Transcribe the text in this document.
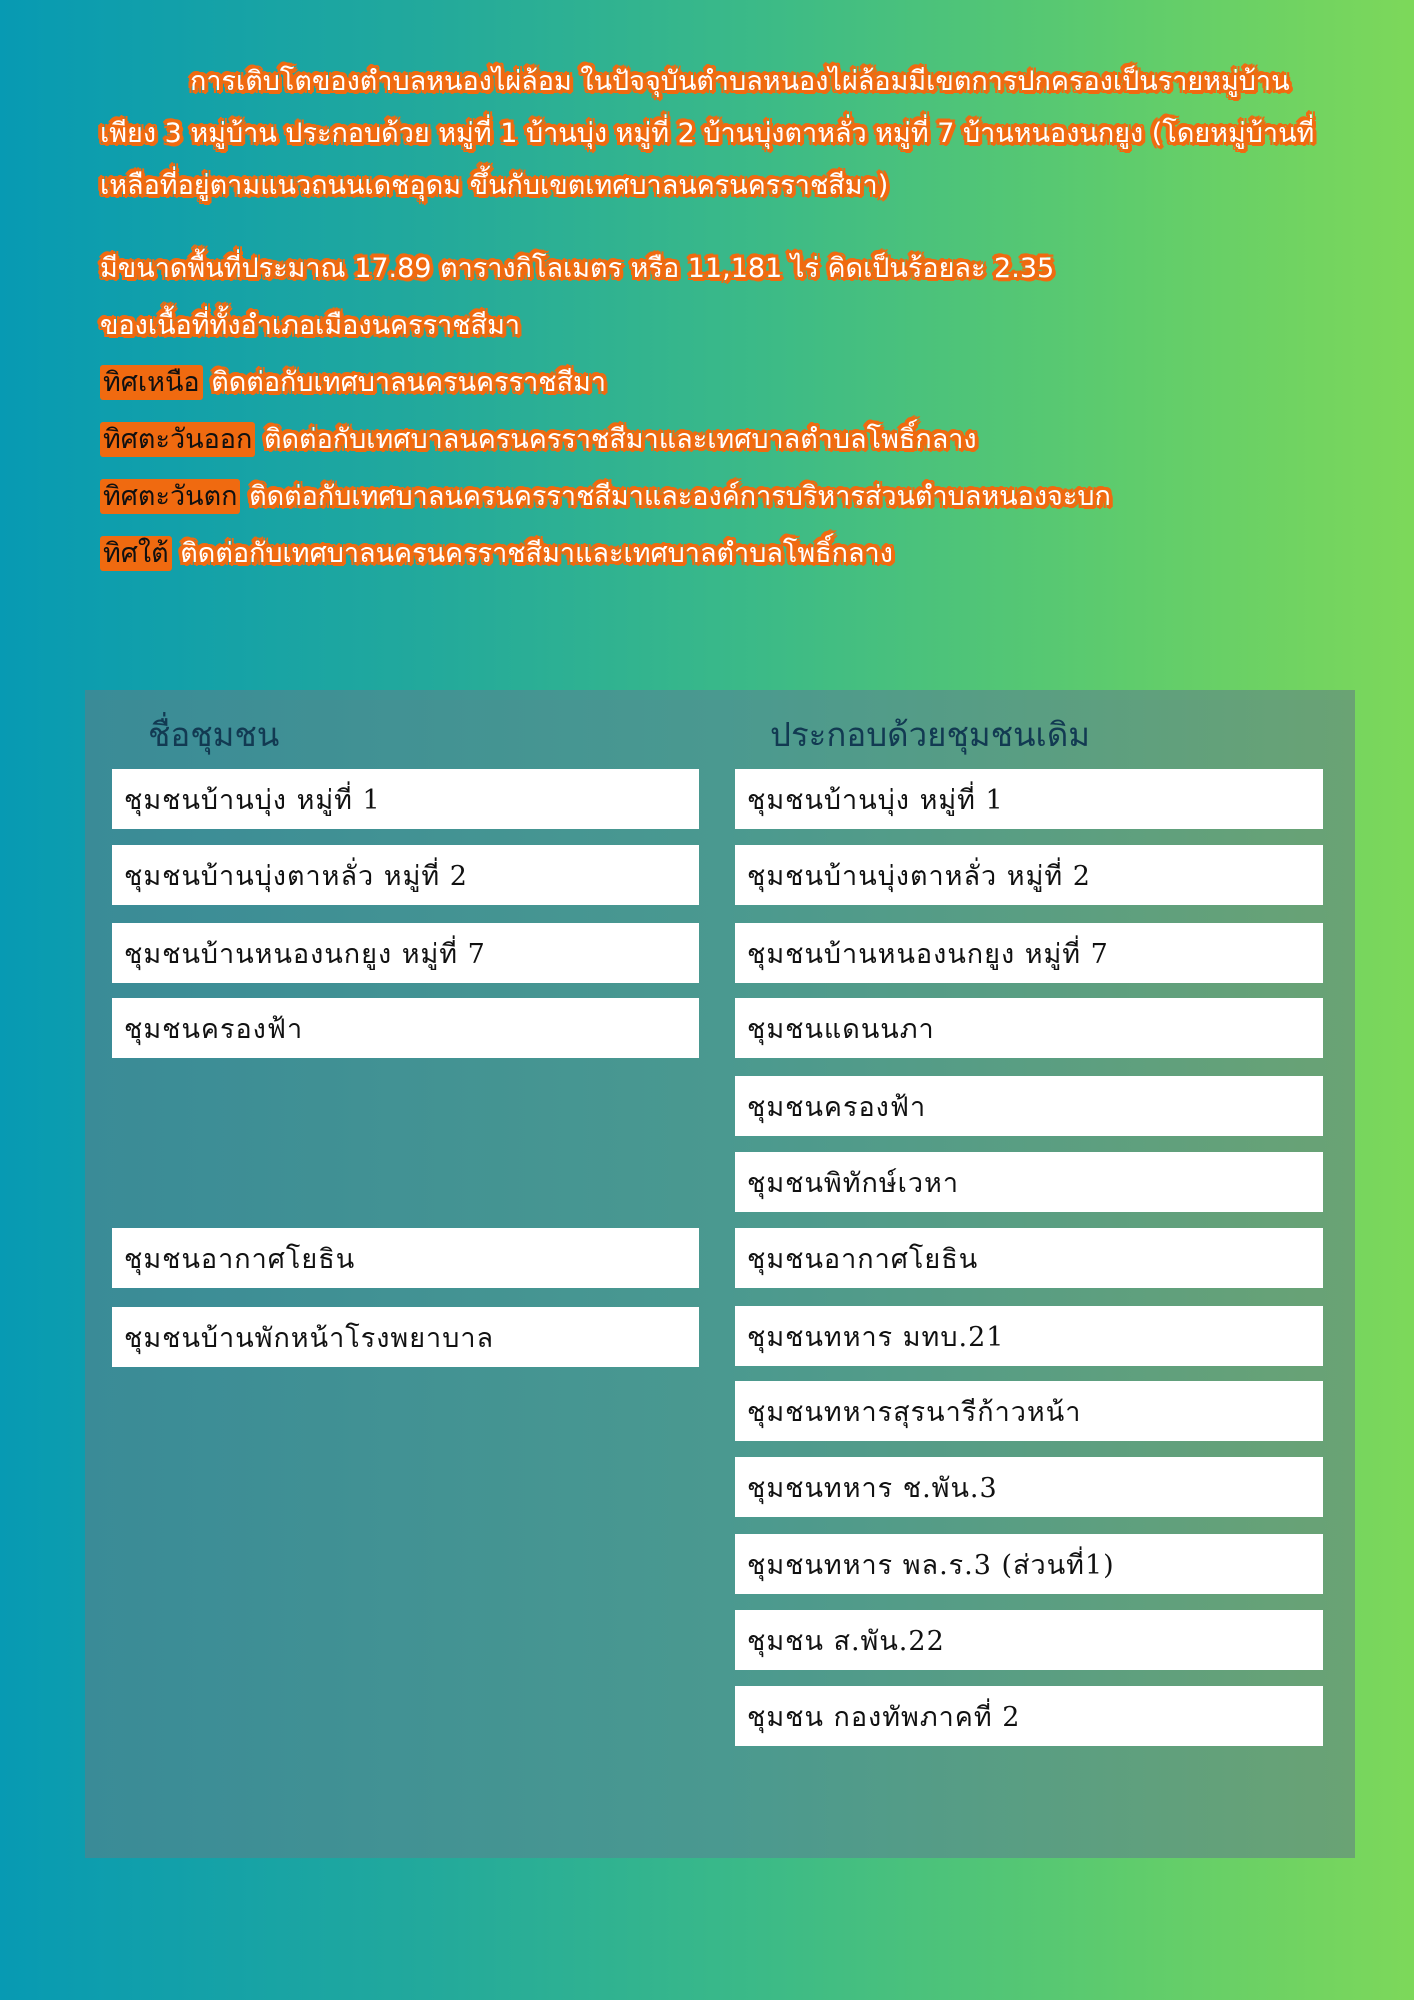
การเติบโตของตำบลหนองไผ่ล้อม ในปัจจุบันตำบลหนองไผ่ล้อมมีเขตการปกครองเป็นรายหมู่บ้านเพียง 3 หมู่บ้าน ประกอบด้วย หมู่ที่ 1 บ้านบุ่ง หมู่ที่ 2 บ้านบุ่งตาหลั่ว หมู่ที่ 7 บ้านหนองนกยูง (โดยหมู่บ้านที่เหลือที่อยู่ตามแนวถนนเดชอุดม ขึ้นกับเขตเทศบาลนครนครราชสีมา)

มีขนาดพื้นที่ประมาณ 17.89 ตารางกิโลเมตร หรือ 11,181 ไร่ คิดเป็นร้อยละ 2.35
ของเนื้อที่ทั้งอำเภอเมืองนครราชสีมา
ทิศเหนือ ติดต่อกับเทศบาลนครนครราชสีมา
ทิศตะวันออก ติดต่อกับเทศบาลนครนครราชสีมาและเทศบาลตำบลโพธิ์กลาง
ทิศตะวันตก ติดต่อกับเทศบาลนครนครราชสีมาและองค์การบริหารส่วนตำบลหนองจะบก
ทิศใต้ ติดต่อกับเทศบาลนครนครราชสีมาและเทศบาลตำบลโพธิ์กลาง
ชื่อชุมชน	ประกอบด้วยชุมชนเดิม
ชุมชนบ้านบุ่ง หมู่ที่ 1
ชุมชนบ้านบุ่งตาหลั่ว หมู่ที่ 2
ชุมชนบ้านหนองนกยูง หมู่ที่ 7
ชุมชนครองฟ้า
ชุมชนอากาศโยธิน
ชุมชนบ้านพักหน้าโรงพยาบาล
ชุมชนบ้านบุ่ง หมู่ที่ 1
ชุมชนบ้านบุ่งตาหลั่ว หมู่ที่ 2
ชุมชนบ้านหนองนกยูง หมู่ที่ 7
ชุมชนแดนนภา
ชุมชนครองฟ้า
ชุมชนพิทักษ์เวหา
ชุมชนอากาศโยธิน
ชุมชนทหาร มทบ.21
ชุมชนทหารสุรนารีก้าวหน้า
ชุมชนทหาร ช.พัน.3
ชุมชนทหาร พล.ร.3 (ส่วนที่1)
ชุมชน ส.พัน.22
ชุมชน กองทัพภาคที่ 2
